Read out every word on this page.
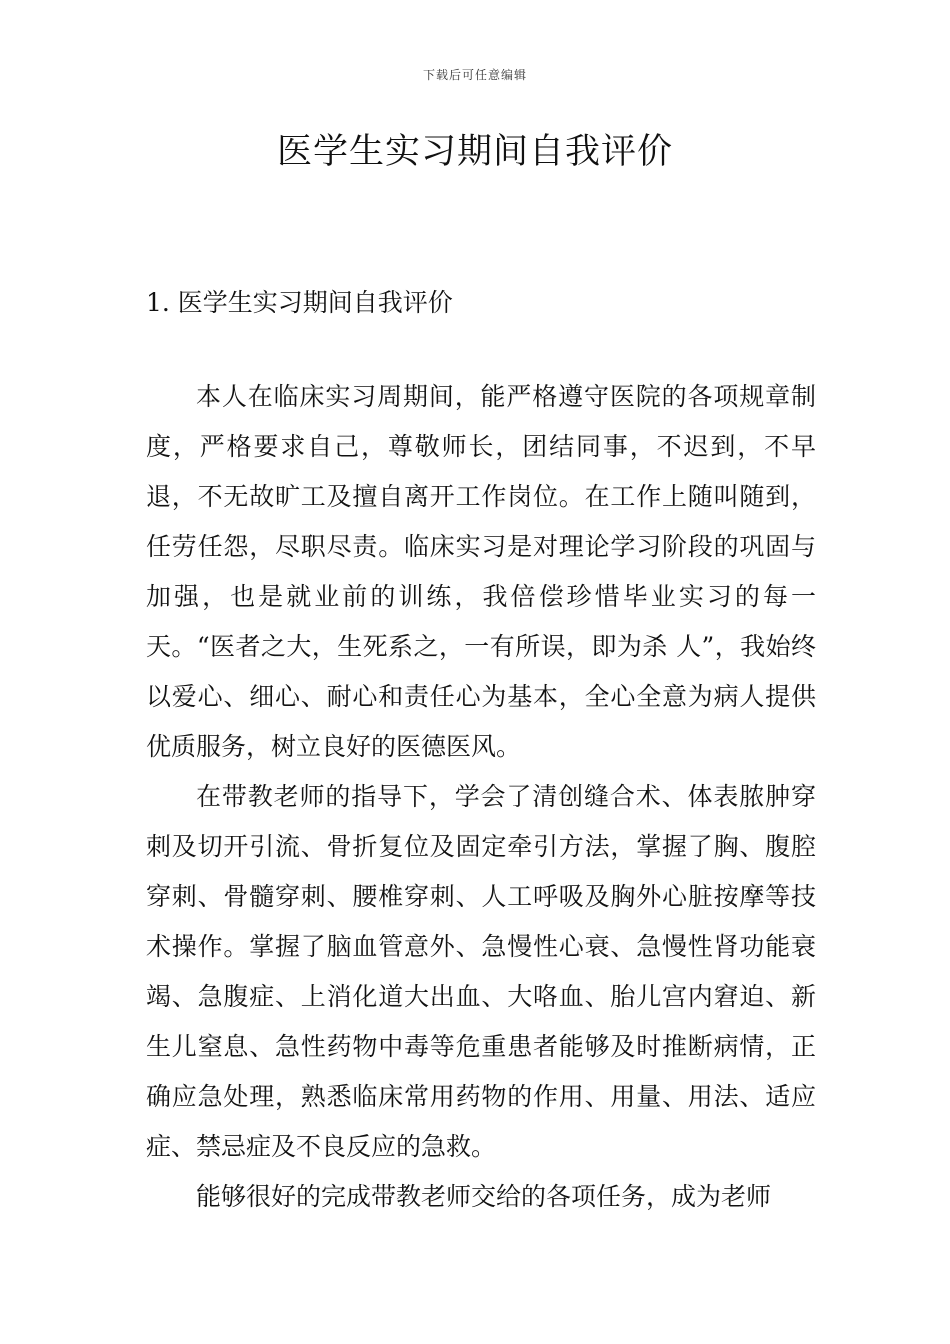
下载后可任意编辑
医学生实习期间自我评价
1. 医学生实习期间自我评价

本人在临床实习周期间，能严格遵守医院的各项规章制度，严格要求自己，尊敬师长，团结同事，不迟到，不早退，不无故旷工及擅自离开工作岗位。在工作上随叫随到，任劳任怨，尽职尽责。临床实习是对理论学习阶段的巩固与加强，也是就业前的训练，我倍偿珍惜毕业实习的每一天。“医者之大，生死系之，一有所误，即为杀 人”，我始终以爱心、细心、耐心和责任心为基本，全心全意为病人提供优质服务，树立良好的医德医风。

在带教老师的指导下，学会了清创缝合术、体表脓肿穿刺及切开引流、骨折复位及固定牵引方法，掌握了胸、腹腔穿刺、骨髓穿刺、腰椎穿刺、人工呼吸及胸外心脏按摩等技术操作。掌握了脑血管意外、急慢性心衰、急慢性肾功能衰竭、急腹症、上消化道大出血、大咯血、胎儿宫内窘迫、新生儿窒息、急性药物中毒等危重患者能够及时推断病情，正确应急处理，熟悉临床常用药物的作用、用量、用法、适应症、禁忌症及不良反应的急救。

能够很好的完成带教老师交给的各项任务，成为老师
